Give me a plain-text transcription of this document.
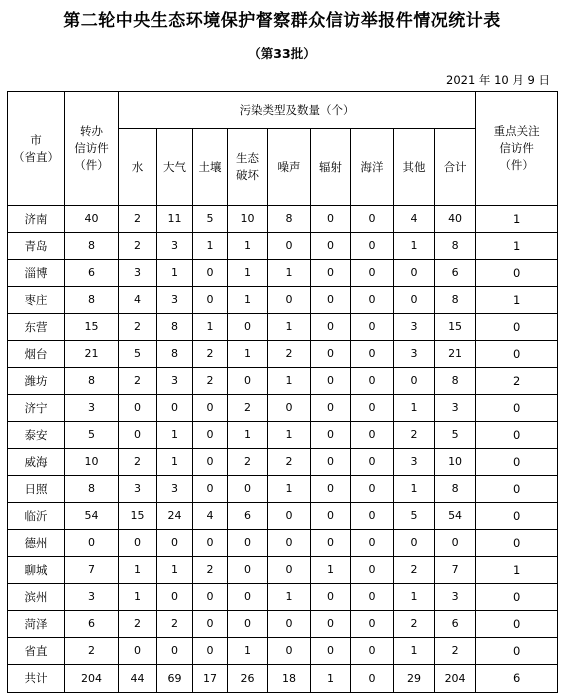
第二轮中央生态环境保护督察群众信访举报件情况统计表
（第33批）
2021 年 10 月 9 日
市
（省直）	转办
信访件
（件）	污染类型及数量（个）									重点关注
信访件
（件）
		水	大气	土壤	生态
破坏	噪声	辐射	海洋	其他	合计	
济南	40	2	11	5	10	8	0	0	4	40	1
青岛	8	2	3	1	1	0	0	0	1	8	1
淄博	6	3	1	0	1	1	0	0	0	6	0
枣庄	8	4	3	0	1	0	0	0	0	8	1
东营	15	2	8	1	0	1	0	0	3	15	0
烟台	21	5	8	2	1	2	0	0	3	21	0
潍坊	8	2	3	2	0	1	0	0	0	8	2
济宁	3	0	0	0	2	0	0	0	1	3	0
泰安	5	0	1	0	1	1	0	0	2	5	0
威海	10	2	1	0	2	2	0	0	3	10	0
日照	8	3	3	0	0	1	0	0	1	8	0
临沂	54	15	24	4	6	0	0	0	5	54	0
德州	0	0	0	0	0	0	0	0	0	0	0
聊城	7	1	1	2	0	0	1	0	2	7	1
滨州	3	1	0	0	0	1	0	0	1	3	0
菏泽	6	2	2	0	0	0	0	0	2	6	0
省直	2	0	0	0	1	0	0	0	1	2	0
共计	204	44	69	17	26	18	1	0	29	204	6
